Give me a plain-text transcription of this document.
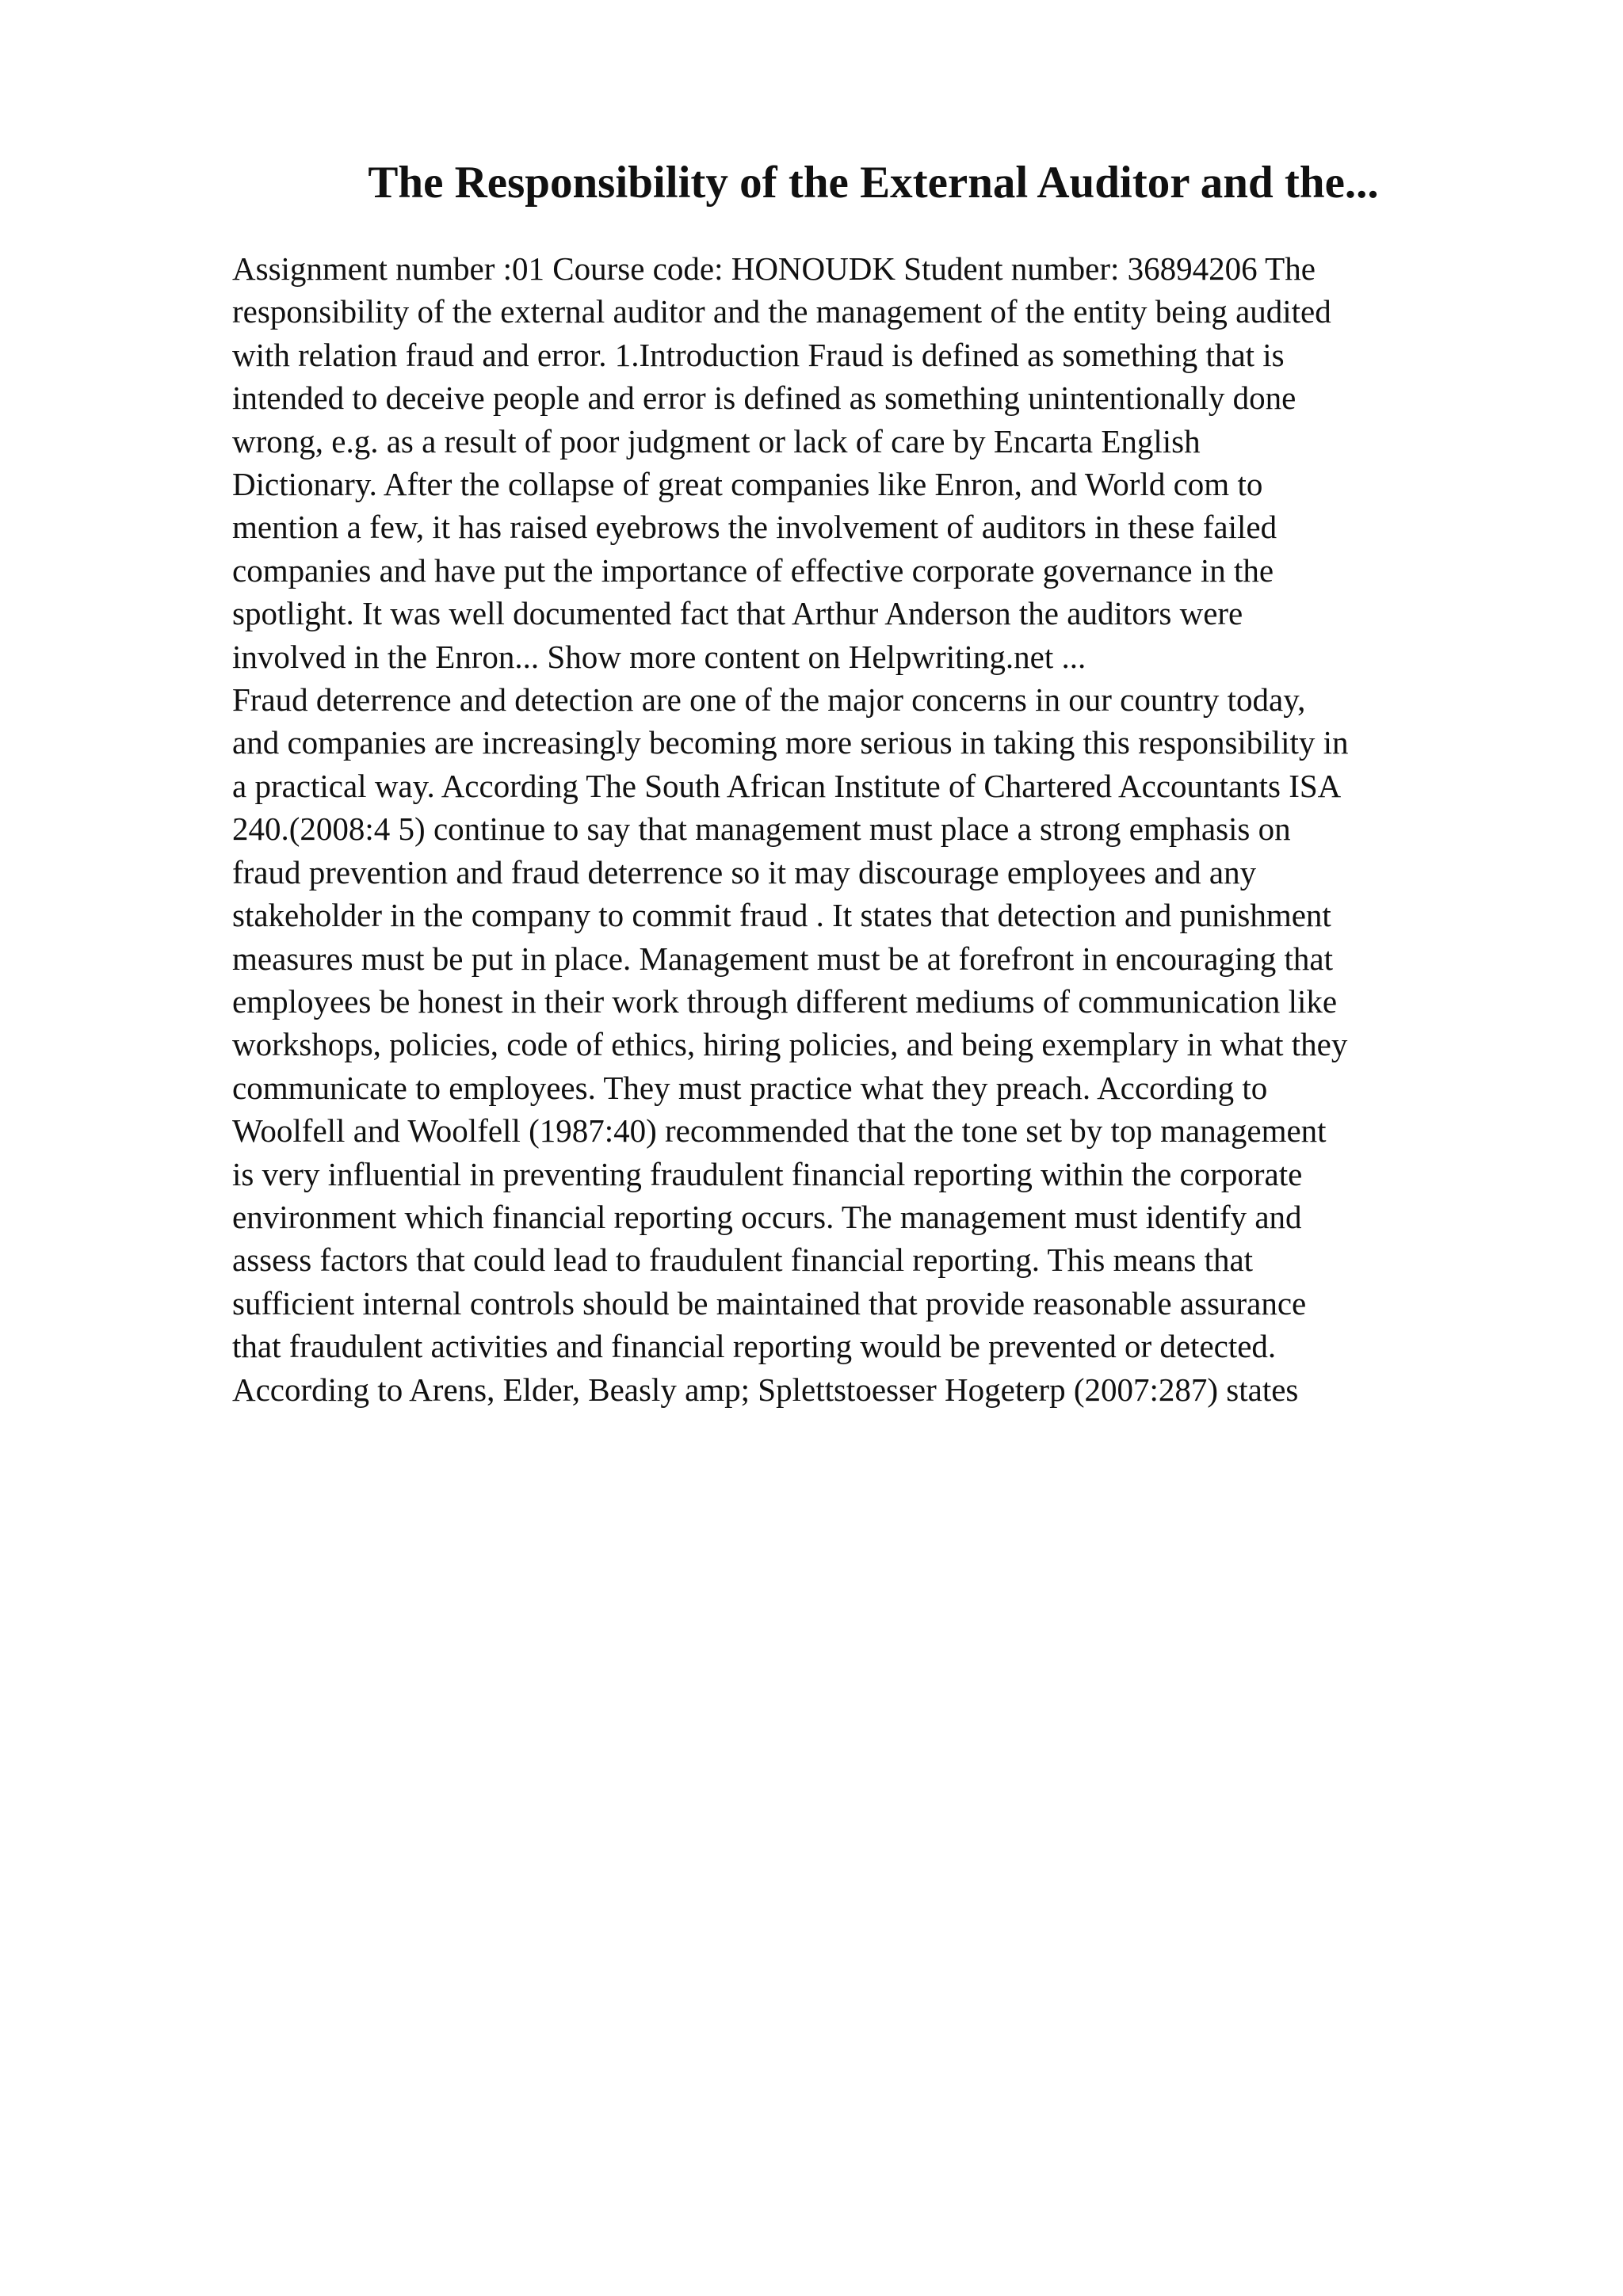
The Responsibility of the External Auditor and the...
Assignment number :01 Course code: HONOUDK Student number: 36894206 The
responsibility of the external auditor and the management of the entity being audited
with relation fraud and error. 1.Introduction Fraud is defined as something that is
intended to deceive people and error is defined as something unintentionally done
wrong, e.g. as a result of poor judgment or lack of care by Encarta English
Dictionary. After the collapse of great companies like Enron, and World com to
mention a few, it has raised eyebrows the involvement of auditors in these failed
companies and have put the importance of effective corporate governance in the
spotlight. It was well documented fact that Arthur Anderson the auditors were
involved in the Enron... Show more content on Helpwriting.net ...
Fraud deterrence and detection are one of the major concerns in our country today,
and companies are increasingly becoming more serious in taking this responsibility in
a practical way. According The South African Institute of Chartered Accountants ISA
240.(2008:4 5) continue to say that management must place a strong emphasis on
fraud prevention and fraud deterrence so it may discourage employees and any
stakeholder in the company to commit fraud . It states that detection and punishment
measures must be put in place. Management must be at forefront in encouraging that
employees be honest in their work through different mediums of communication like
workshops, policies, code of ethics, hiring policies, and being exemplary in what they
communicate to employees. They must practice what they preach. According to
Woolfell and Woolfell (1987:40) recommended that the tone set by top management
is very influential in preventing fraudulent financial reporting within the corporate
environment which financial reporting occurs. The management must identify and
assess factors that could lead to fraudulent financial reporting. This means that
sufficient internal controls should be maintained that provide reasonable assurance
that fraudulent activities and financial reporting would be prevented or detected.
According to Arens, Elder, Beasly amp; Splettstoesser Hogeterp (2007:287) states
